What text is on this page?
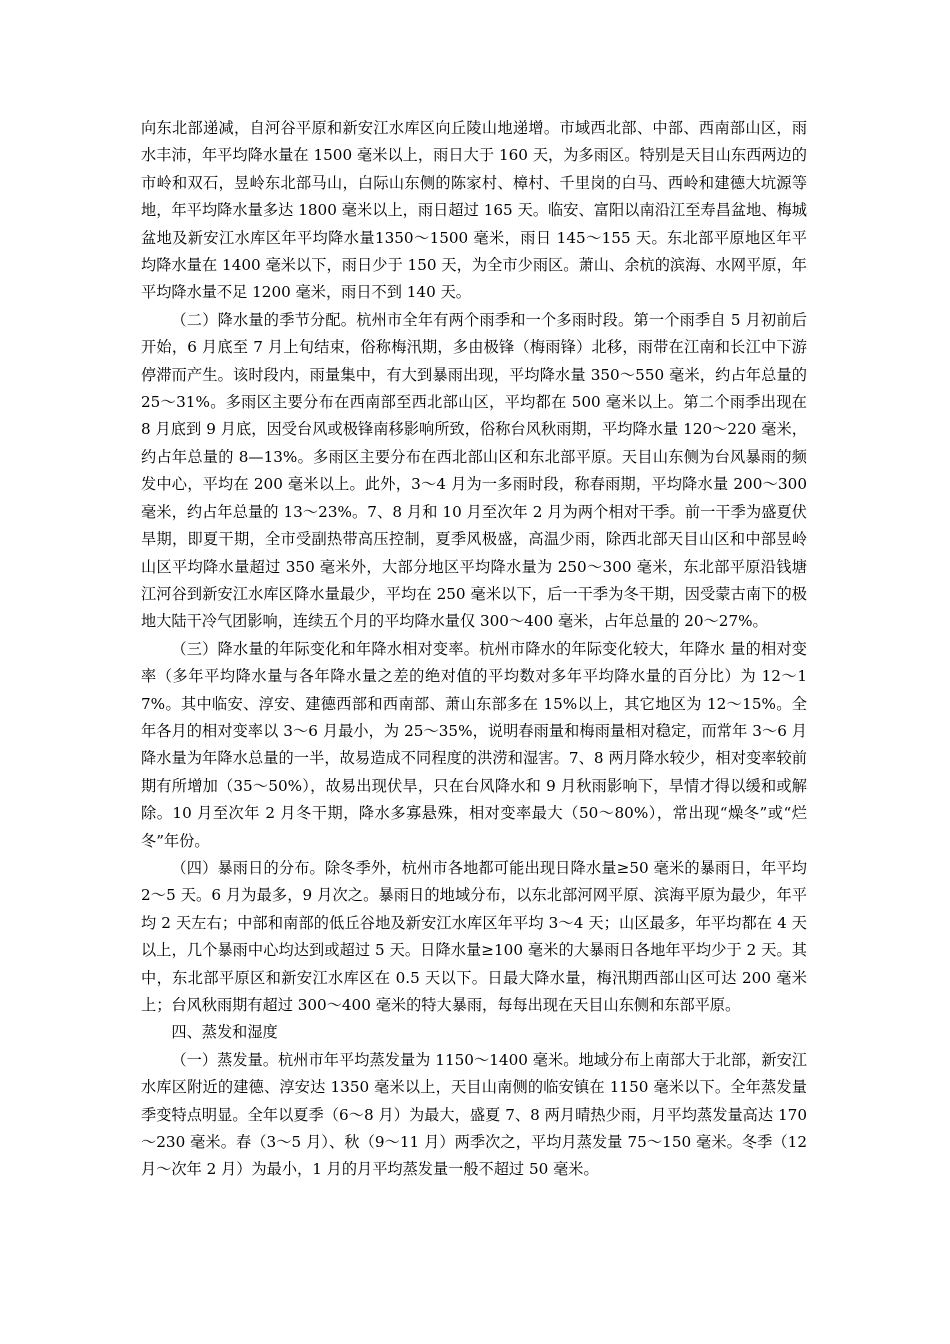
向东北部递减，自河谷平原和新安江水库区向丘陵山地递增。市域西北部、中部、西南部山区，雨水丰沛，年平均降水量在 1500 毫米以上，雨日大于 160 天，为多雨区。特别是天目山东西两边的市岭和双石，昱岭东北部马山，白际山东侧的陈家村、樟村、千里岗的白马、西岭和建德大坑源等地，年平均降水量多达 1800 毫米以上，雨日超过 165 天。临安、富阳以南沿江至寿昌盆地、梅城盆地及新安江水库区年平均降水量1350～1500 毫米，雨日 145～155 天。东北部平原地区年平均降水量在 1400 毫米以下，雨日少于 150 天，为全市少雨区。萧山、余杭的滨海、水网平原，年平均降水量不足 1200 毫米，雨日不到 140 天。

（二）降水量的季节分配。杭州市全年有两个雨季和一个多雨时段。第一个雨季自 5 月初前后开始，6 月底至 7 月上旬结束，俗称梅汛期，多由极锋（梅雨锋）北移，雨带在江南和长江中下游停滞而产生。该时段内，雨量集中，有大到暴雨出现，平均降水量 350～550 毫米，约占年总量的 25～31%。多雨区主要分布在西南部至西北部山区，平均都在 500 毫米以上。第二个雨季出现在 8 月底到 9 月底，因受台风或极锋南移影响所致，俗称台风秋雨期，平均降水量 120～220 毫米，约占年总量的 8—13%。多雨区主要分布在西北部山区和东北部平原。天目山东侧为台风暴雨的频发中心，平均在 200 毫米以上。此外，3～4 月为一多雨时段，称春雨期，平均降水量 200～300 毫米，约占年总量的 13～23%。7、8 月和 10 月至次年 2 月为两个相对干季。前一干季为盛夏伏旱期，即夏干期，全市受副热带高压控制，夏季风极盛，高温少雨，除西北部天目山区和中部昱岭山区平均降水量超过 350 毫米外，大部分地区平均降水量为 250～300 毫米，东北部平原沿钱塘江河谷到新安江水库区降水量最少，平均在 250 毫米以下，后一干季为冬干期，因受蒙古南下的极地大陆干冷气团影响，连续五个月的平均降水量仅 300～400 毫米，占年总量的 20～27%。

（三）降水量的年际变化和年降水相对变率。杭州市降水的年际变化较大，年降水 量的相对变率（多年平均降水量与各年降水量之差的绝对值的平均数对多年平均降水量的百分比）为 12～17%。其中临安、淳安、建德西部和西南部、萧山东部多在 15%以上，其它地区为 12～15%。全年各月的相对变率以 3～6 月最小，为 25～35%，说明春雨量和梅雨量相对稳定，而常年 3～6 月降水量为年降水总量的一半，故易造成不同程度的洪涝和湿害。7、8 两月降水较少，相对变率较前期有所增加（35～50%），故易出现伏旱，只在台风降水和 9 月秋雨影响下，旱情才得以缓和或解除。10 月至次年 2 月冬干期，降水多寡悬殊，相对变率最大（50～80%），常出现“燥冬”或“烂冬”年份。

（四）暴雨日的分布。除冬季外，杭州市各地都可能出现日降水量≥50 毫米的暴雨日，年平均 2～5 天。6 月为最多，9 月次之。暴雨日的地域分布，以东北部河网平原、滨海平原为最少，年平均 2 天左右；中部和南部的低丘谷地及新安江水库区年平均 3～4 天；山区最多，年平均都在 4 天以上，几个暴雨中心均达到或超过 5 天。日降水量≥100 毫米的大暴雨日各地年平均少于 2 天。其中，东北部平原区和新安江水库区在 0.5 天以下。日最大降水量，梅汛期西部山区可达 200 毫米上；台风秋雨期有超过 300～400 毫米的特大暴雨，每每出现在天目山东侧和东部平原。

四、蒸发和湿度

（一）蒸发量。杭州市年平均蒸发量为 1150～1400 毫米。地域分布上南部大于北部，新安江水库区附近的建德、淳安达 1350 毫米以上，天目山南侧的临安镇在 1150 毫米以下。全年蒸发量季变特点明显。全年以夏季（6～8 月）为最大，盛夏 7、8 两月晴热少雨，月平均蒸发量高达 170～230 毫米。春（3～5 月）、秋（9～11 月）两季次之，平均月蒸发量 75～150 毫米。冬季（12 月～次年 2 月）为最小，1 月的月平均蒸发量一般不超过 50 毫米。
